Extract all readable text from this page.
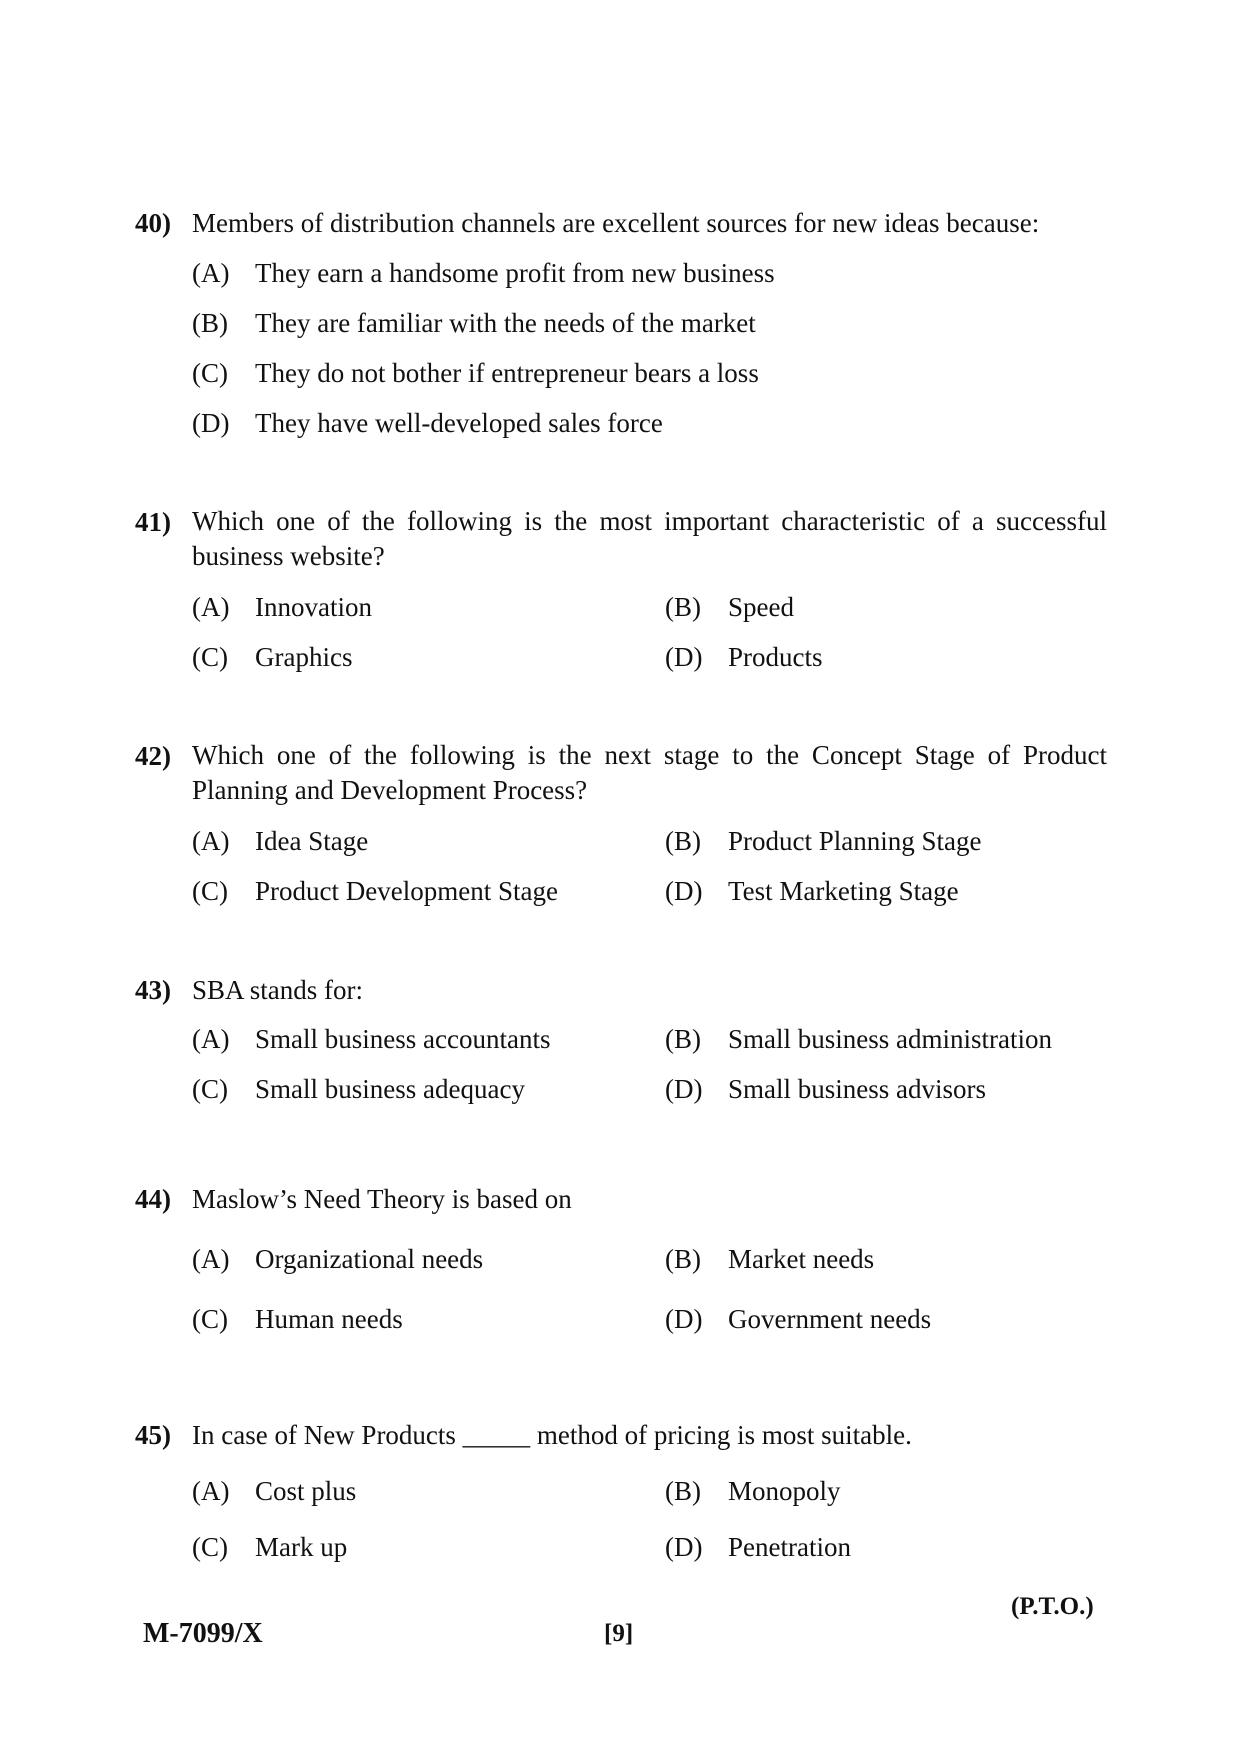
40) Members of distribution channels are excellent sources for new ideas because:
(A) They earn a handsome profit from new business
(B) They are familiar with the needs of the market
(C) They do not bother if entrepreneur bears a loss
(D) They have well-developed sales force
41) Which one of the following is the most important characteristic of a successful business website?
(A) Innovation	(B) Speed
(C) Graphics	(D) Products
42) Which one of the following is the next stage to the Concept Stage of Product Planning and Development Process?
(A) Idea Stage	(B) Product Planning Stage
(C) Product Development Stage	(D) Test Marketing Stage
43) SBA stands for:
(A) Small business accountants	(B) Small business administration
(C) Small business adequacy	(D) Small business advisors
44) Maslow’s Need Theory is based on
(A) Organizational needs	(B) Market needs
(C) Human needs	(D) Government needs
45) In case of New Products _____ method of pricing is most suitable.
(A) Cost plus	(B) Monopoly
(C) Mark up	(D) Penetration
M-7099/X	[9]
(P.T.O.)
